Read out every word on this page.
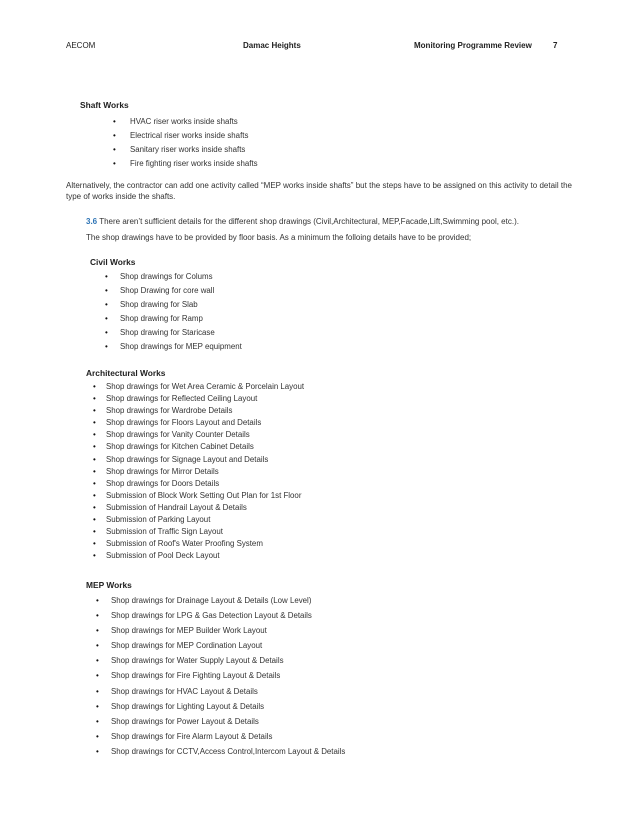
AECOM	Damac Heights	Monitoring Programme Review	7
Shaft Works
• HVAC riser works inside shafts
• Electrical riser works inside shafts
• Sanitary riser works inside shafts
• Fire fighting riser works inside shafts
Alternatively, the contractor can add one activity called “MEP works inside shafts” but the steps have to be assigned on this activity to detail the type of works inside the shafts.
3.6 There aren’t sufficient details for the different shop drawings (Civil,Architectural, MEP,Facade,Lift,Swimming pool, etc.).
The shop drawings have to be provided by floor basis. As a minimum the folloing details have to be provided;
Civil Works
• Shop drawings for Colums
• Shop Drawing for core wall
• Shop drawing for Slab
• Shop drawing for Ramp
• Shop drawing for Staricase
• Shop drawings for MEP equipment
Architectural Works
• Shop drawings for Wet Area Ceramic & Porcelain Layout
• Shop drawings for Reflected Ceiling Layout
• Shop drawings for Wardrobe Details
• Shop drawings for Floors Layout and Details
• Shop drawings for Vanity Counter Details
• Shop drawings for Kitchen Cabinet Details
• Shop drawings for Signage Layout and Details
• Shop drawings for Mirror Details
• Shop drawings for Doors Details
• Submission of Block Work Setting Out Plan for 1st Floor
• Submission of Handrail Layout & Details
• Submission of Parking Layout
• Submission of Traffic Sign Layout
• Submission of Roof's Water Proofing System
• Submission of Pool Deck Layout
MEP Works
• Shop drawings for Drainage Layout & Details (Low Level)
• Shop drawings for LPG & Gas Detection Layout & Details
• Shop drawings for MEP Builder Work Layout
• Shop drawings for MEP Cordination Layout
• Shop drawings for Water Supply Layout & Details
• Shop drawings for Fire Fighting Layout & Details
• Shop drawings for HVAC Layout & Details
• Shop drawings for Lighting Layout & Details
• Shop drawings for Power Layout & Details
• Shop drawings for Fire Alarm Layout & Details
• Shop drawings for CCTV,Access Control,Intercom Layout & Details
